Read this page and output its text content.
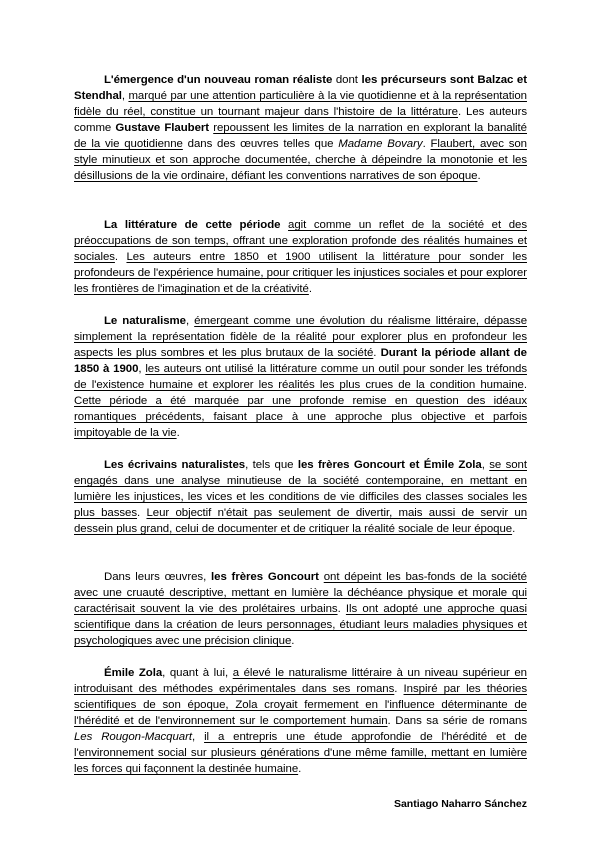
L'émergence d'un nouveau roman réaliste dont les précurseurs sont Balzac et Stendhal, marqué par une attention particulière à la vie quotidienne et à la représentation fidèle du réel, constitue un tournant majeur dans l'histoire de la littérature. Les auteurs comme Gustave Flaubert repoussent les limites de la narration en explorant la banalité de la vie quotidienne dans des œuvres telles que Madame Bovary. Flaubert, avec son style minutieux et son approche documentée, cherche à dépeindre la monotonie et les désillusions de la vie ordinaire, défiant les conventions narratives de son époque.

La littérature de cette période agit comme un reflet de la société et des préoccupations de son temps, offrant une exploration profonde des réalités humaines et sociales. Les auteurs entre 1850 et 1900 utilisent la littérature pour sonder les profondeurs de l'expérience humaine, pour critiquer les injustices sociales et pour explorer les frontières de l'imagination et de la créativité.

Le naturalisme, émergeant comme une évolution du réalisme littéraire, dépasse simplement la représentation fidèle de la réalité pour explorer plus en profondeur les aspects les plus sombres et les plus brutaux de la société. Durant la période allant de 1850 à 1900, les auteurs ont utilisé la littérature comme un outil pour sonder les tréfonds de l'existence humaine et explorer les réalités les plus crues de la condition humaine. Cette période a été marquée par une profonde remise en question des idéaux romantiques précédents, faisant place à une approche plus objective et parfois impitoyable de la vie.

Les écrivains naturalistes, tels que les frères Goncourt et Émile Zola, se sont engagés dans une analyse minutieuse de la société contemporaine, en mettant en lumière les injustices, les vices et les conditions de vie difficiles des classes sociales les plus basses. Leur objectif n'était pas seulement de divertir, mais aussi de servir un dessein plus grand, celui de documenter et de critiquer la réalité sociale de leur époque.

Dans leurs œuvres, les frères Goncourt ont dépeint les bas-fonds de la société avec une cruauté descriptive, mettant en lumière la déchéance physique et morale qui caractérisait souvent la vie des prolétaires urbains. Ils ont adopté une approche quasi scientifique dans la création de leurs personnages, étudiant leurs maladies physiques et psychologiques avec une précision clinique.

Émile Zola, quant à lui, a élevé le naturalisme littéraire à un niveau supérieur en introduisant des méthodes expérimentales dans ses romans. Inspiré par les théories scientifiques de son époque, Zola croyait fermement en l'influence déterminante de l'hérédité et de l'environnement sur le comportement humain. Dans sa série de romans Les Rougon-Macquart, il a entrepris une étude approfondie de l'hérédité et de l'environnement social sur plusieurs générations d'une même famille, mettant en lumière les forces qui façonnent la destinée humaine.

Santiago Naharro Sánchez
